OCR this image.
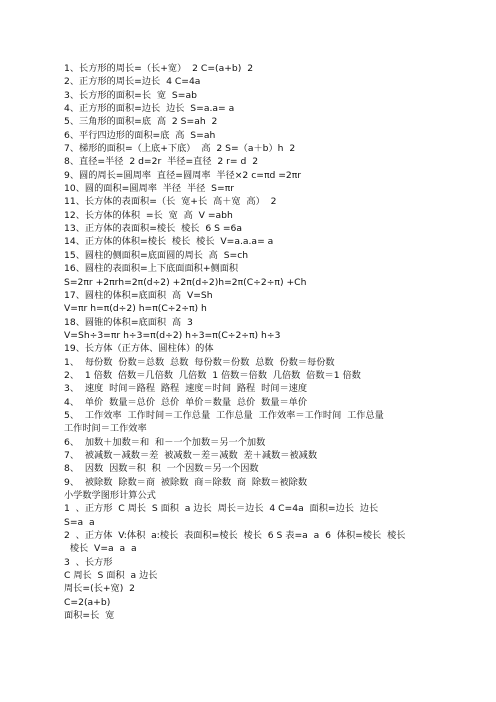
1、长方形的周长=（长+宽）  2 C=(a+b)  2
2、正方形的周长=边长  4 C=4a
3、长方形的面积=长  宽  S=ab
4、正方形的面积=边长  边长  S=a.a= a
5、三角形的面积=底  高  2 S=ah  2
6、平行四边形的面积=底  高  S=ah
7、梯形的面积=（上底+下底）  高  2 S=（a＋b）h  2
8、直径=半径  2 d=2r  半径=直径  2 r= d  2
9、圆的周长=圆周率  直径=圆周率  半径×2 c=πd =2πr
10、圆的面积=圆周率  半径  半径  S=πr
11、长方体的表面积=（长  宽+长  高＋宽  高）  2
12、长方体的体积  =长  宽  高  V =abh
13、正方体的表面积=棱长  棱长  6 S =6a
14、正方体的体积=棱长  棱长  棱长  V=a.a.a= a
15、圆柱的侧面积=底面圆的周长  高  S=ch
16、圆柱的表面积=上下底面面积+侧面积
S=2πr +2πrh=2π(d÷2) +2π(d÷2)h=2π(C÷2÷π) +Ch
17、圆柱的体积=底面积  高  V=Sh
V=πr h=π(d÷2) h=π(C÷2÷π) h
18、圆锥的体积=底面积  高  3
V=Sh÷3=πr h÷3=π(d÷2) h÷3=π(C÷2÷π) h÷3
19、长方体（正方体、圆柱体）的体
1、  每份数  份数＝总数  总数  每份数＝份数  总数  份数＝每份数
2、  1 倍数  倍数＝几倍数  几倍数  1 倍数＝倍数  几倍数  倍数＝1 倍数
3、  速度  时间＝路程  路程  速度＝时间  路程  时间＝速度
4、  单价  数量＝总价  总价  单价＝数量  总价  数量＝单价
5、  工作效率  工作时间＝工作总量  工作总量  工作效率＝工作时间  工作总量
工作时间＝工作效率
6、  加数＋加数＝和  和－一个加数＝另一个加数
7、  被减数－减数＝差  被减数－差＝减数  差＋减数＝被减数
8、  因数  因数＝积  积  一个因数＝另一个因数
9、  被除数  除数＝商  被除数  商＝除数  商  除数＝被除数
小学数学图形计算公式
1  、正方形  C 周长  S 面积  a 边长  周长＝边长  4 C=4a  面积=边长  边长
S=a  a
2  、正方体  V:体积  a:棱长  表面积=棱长  棱长  6 S 表=a  a  6  体积=棱长  棱长
棱长  V=a  a  a
3  、长方形
C 周长  S 面积  a 边长
周长=(长+宽)  2
C=2(a+b)
面积=长  宽
